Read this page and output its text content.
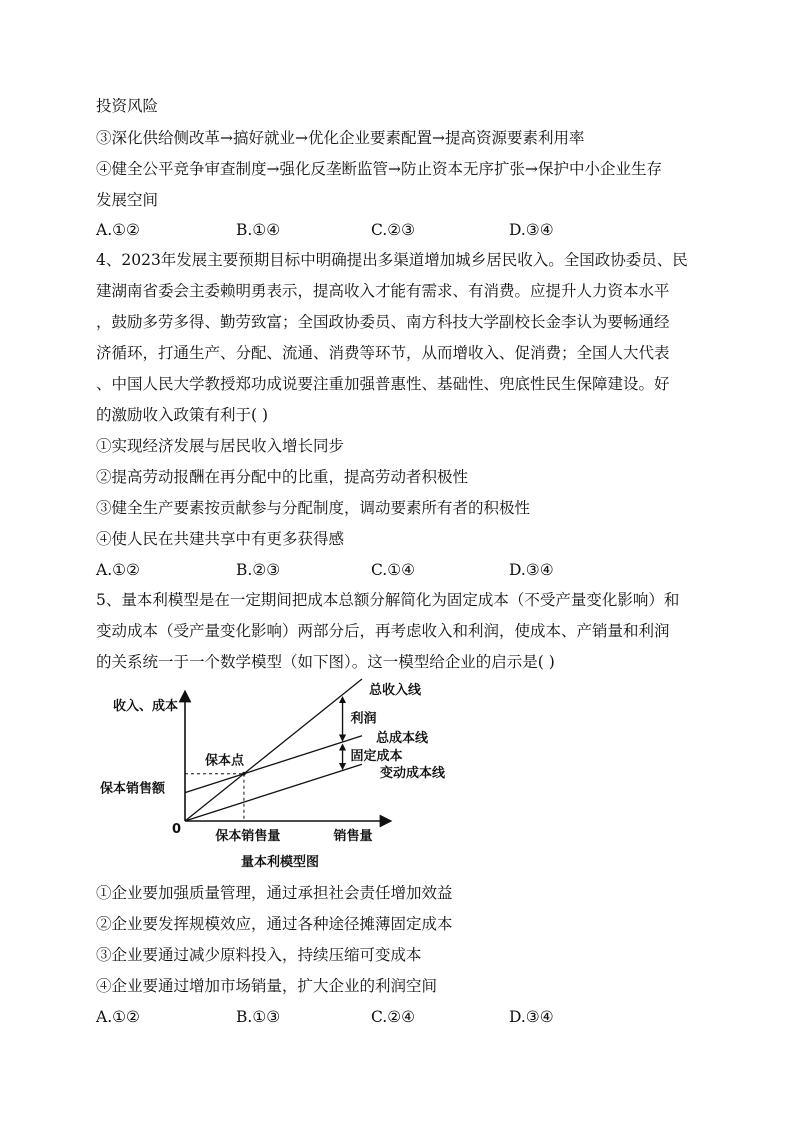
投资风险
③深化供给侧改革→搞好就业→优化企业要素配置→提高资源要素利用率
④健全公平竞争审查制度→强化反垄断监管→防止资本无序扩张→保护中小企业生存
发展空间
A.①②	B.①④	C.②③	D.③④
4、2023年发展主要预期目标中明确提出多渠道增加城乡居民收入。全国政协委员、民
建湖南省委会主委赖明勇表示，提高收入才能有需求、有消费。应提升人力资本水平
，鼓励多劳多得、勤劳致富；全国政协委员、南方科技大学副校长金李认为要畅通经
济循环，打通生产、分配、流通、消费等环节，从而增收入、促消费；全国人大代表
、中国人民大学教授郑功成说要注重加强普惠性、基础性、兜底性民生保障建设。好
的激励收入政策有利于( )
①实现经济发展与居民收入增长同步
②提高劳动报酬在再分配中的比重，提高劳动者积极性
③健全生产要素按贡献参与分配制度，调动要素所有者的积极性
④使人民在共建共享中有更多获得感
A.①②	B.②③	C.①④	D.③④
5、量本利模型是在一定期间把成本总额分解简化为固定成本（不受产量变化影响）和
变动成本（受产量变化影响）两部分后，再考虑收入和利润，使成本、产销量和利润
的关系统一于一个数学模型（如下图）。这一模型给企业的启示是( )
总收入线
总成本线
变动成本线
保本点
收入、成本
保本销售额
0	保本销售量	销售量
量本利模型图
利润
固定成本
①企业要加强质量管理，通过承担社会责任增加效益
②企业要发挥规模效应，通过各种途径摊薄固定成本
③企业要通过减少原料投入，持续压缩可变成本
④企业要通过增加市场销量，扩大企业的利润空间
A.①②	B.①③	C.②④	D.③④
